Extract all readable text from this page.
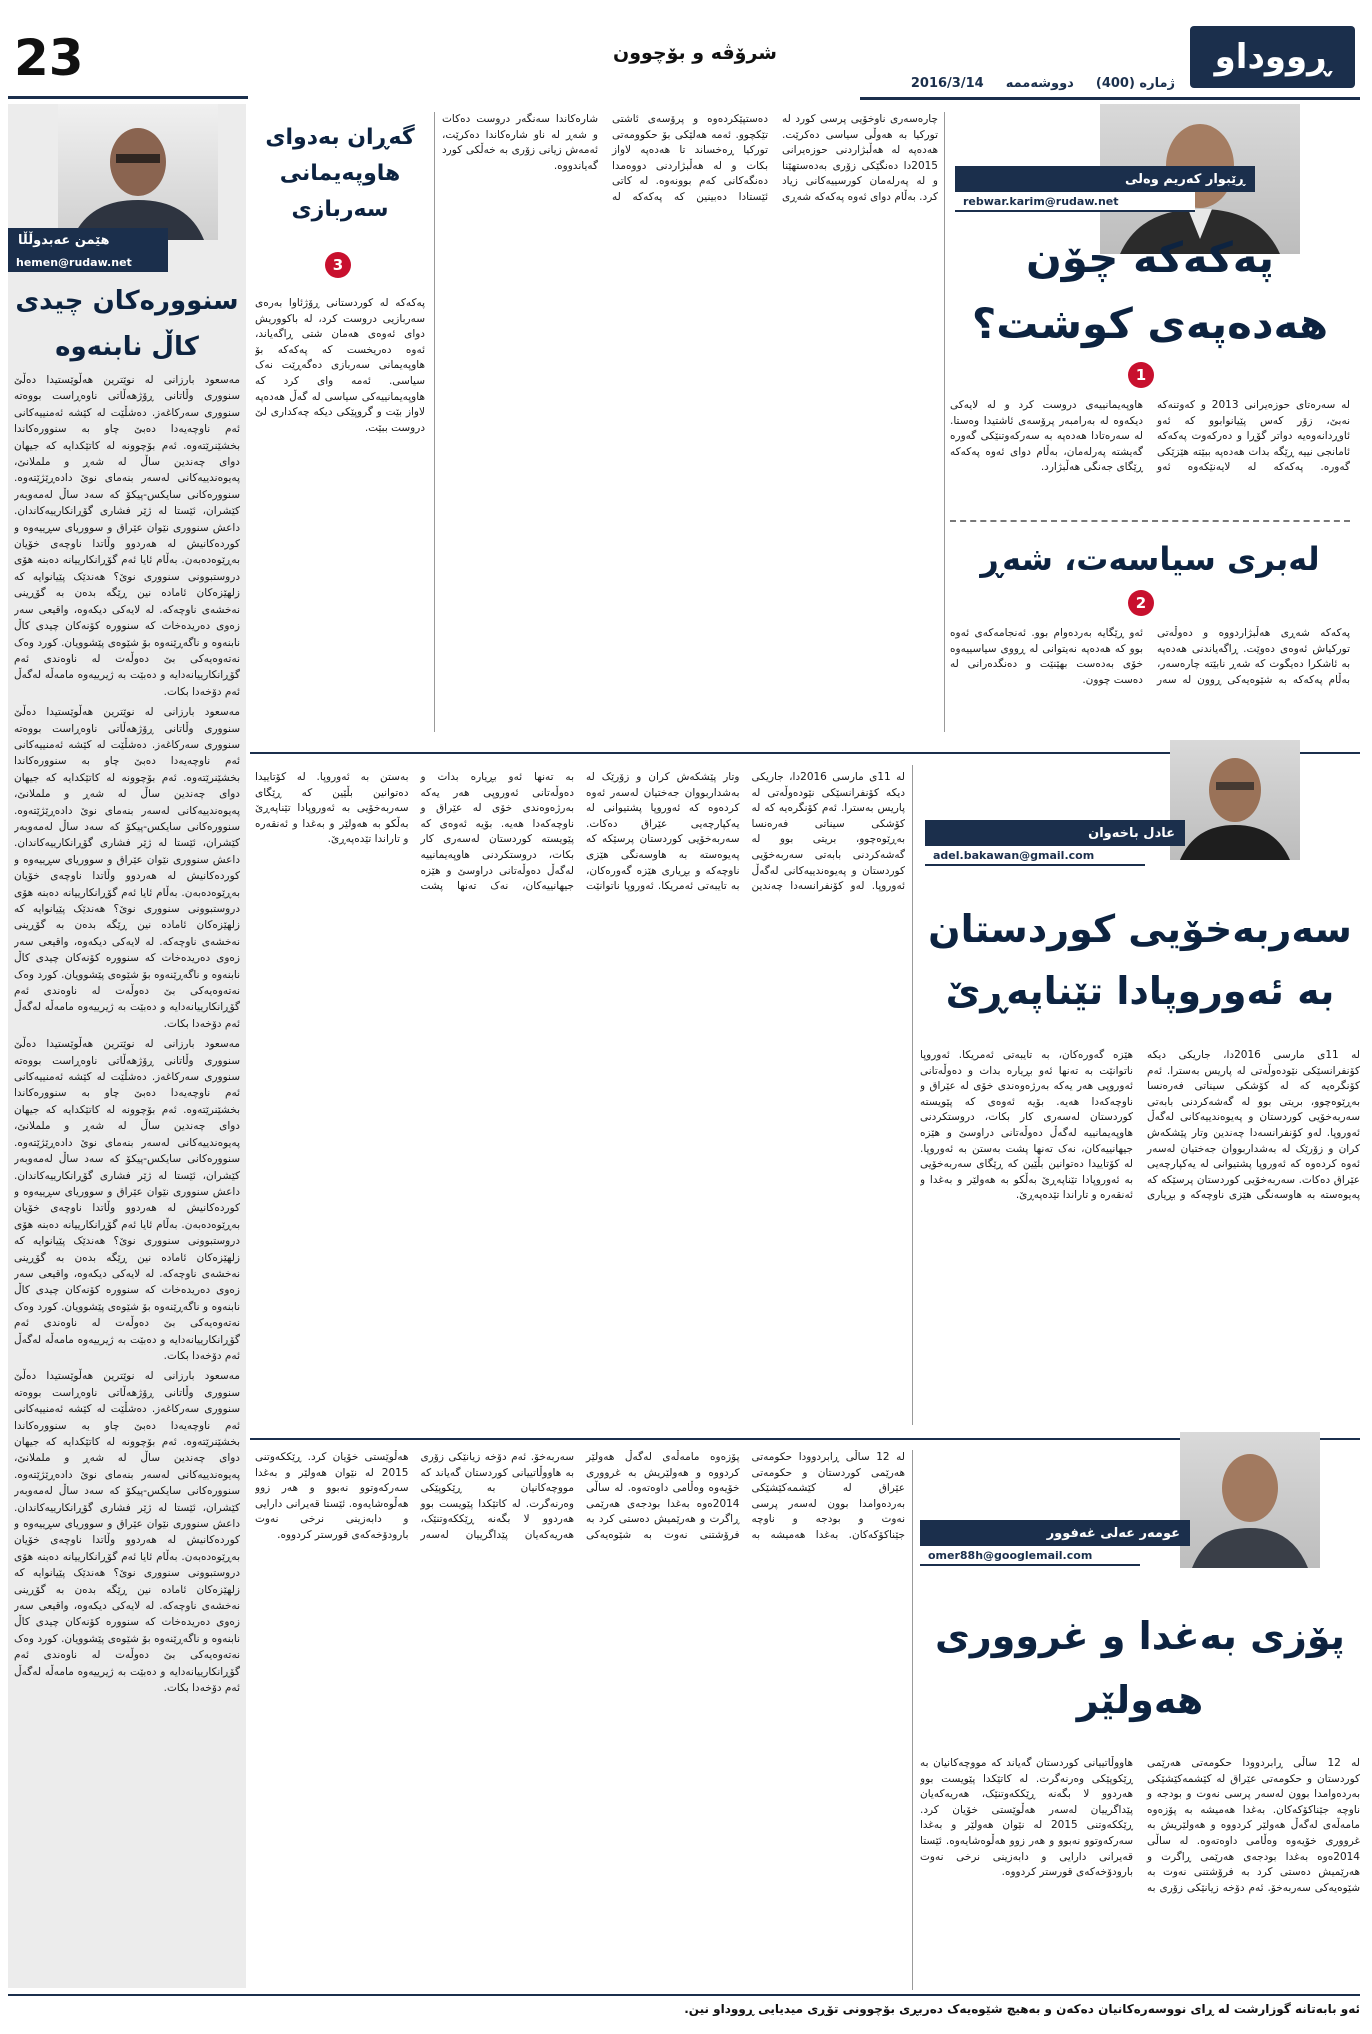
23	شرۆڤە و بۆچوون
ژمارە (400)
دووشەممە
2016/3/14
ڕووداو
ڕێبوار کەریم وەلی
rebwar.karim@rudaw.net
پەکەکە چۆن هەدەپەی کوشت؟
1

لە سەرەتای حوزەیرانی 2013 و کەوتنەکە نەبێ، زۆر کەس پێیانوابوو کە ئەو ئاوڕدانەوەیە دواتر گۆڕا و دەرکەوت پەکەکە ئامانجی نییە ڕێگە بدات هەدەپە ببێتە هێزێکی گەورە. پەکەکە لە لایەنێکەوە ئەو هاوپەیمانییەی دروست کرد و لە لایەکی دیکەوە لە بەرامبەر پرۆسەی ئاشتیدا وەستا. لە سەرەتادا هەدەپە بە سەرکەوتنێکی گەورە گەیشتە پەرلەمان، بەڵام دوای ئەوە پەکەکە ڕێگای جەنگی هەڵبژارد.

لەبری سیاسەت، شەڕ
2

پەکەکە شەڕی هەڵبژاردووە و دەوڵەتی تورکیاش ئەوەی دەوێت. ڕاگەیاندنی هەدەپە بە ئاشکرا دەیگوت کە شەڕ نابێتە چارەسەر، بەڵام پەکەکە بە شێوەیەکی ڕوون لە سەر ئەو ڕێگایە بەردەوام بوو. ئەنجامەکەی ئەوە بوو کە هەدەپە نەیتوانی لە ڕووی سیاسییەوە خۆی بەدەست بهێنێت و دەنگدەرانی لە دەست چوون.

چارەسەری ناوخۆیی پرسی کورد لە تورکیا بە هەوڵی سیاسی دەکرێت. هەدەپە لە هەڵبژاردنی حوزەیرانی 2015دا دەنگێکی زۆری بەدەستهێنا و لە پەرلەمان کورسییەکانی زیاد کرد. بەڵام دوای ئەوە پەکەکە شەڕی دەستپێکردەوە و پرۆسەی ئاشتی تێکچوو. ئەمە هەلێکی بۆ حکوومەتی تورکیا ڕەخساند تا هەدەپە لاواز بکات و لە هەڵبژاردنی دووەمدا دەنگەکانی کەم بوونەوە. لە کاتی ئێستادا دەبینین کە پەکەکە لە شارەکاندا سەنگەر دروست دەکات و شەڕ لە ناو شارەکاندا دەکرێت، ئەمەش زیانی زۆری بە خەڵکی کورد گەیاندووە.

گەڕان بەدوای هاوپەیمانی سەربازی
3

پەکەکە لە کوردستانی ڕۆژئاوا بەرەی سەربازیی دروست کرد، لە باکووریش دوای ئەوەی هەمان شتی ڕاگەیاند، ئەوە دەریخست کە پەکەکە بۆ هاوپەیمانی سەربازی دەگەڕێت نەک سیاسی. ئەمە وای کرد کە هاوپەیمانییەکی سیاسی لە گەڵ هەدەپە لاواز بێت و گروپێکی دیکە چەکداری لێ دروست ببێت.

عادل باخەوان
adel.bakawan@gmail.com
سەربەخۆیی کوردستان بە ئەوروپادا تێناپەڕێ

لە 11ی مارسی 2016دا، جاریکی دیکە کۆنفرانسێکی نێودەوڵەتی لە پاریس بەسترا. ئەم کۆنگرەیە کە لە کۆشکی سیناتی فەرەنسا بەڕێوەچوو، بریتی بوو لە گەشەکردنی بابەتی سەربەخۆیی کوردستان و پەیوەندییەکانی لەگەڵ ئەوروپا. لەو کۆنفرانسەدا چەندین وتار پێشکەش کران و زۆرێک لە بەشداربووان جەختیان لەسەر ئەوە کردەوە کە ئەوروپا پشتیوانی لە یەکپارچەیی عێراق دەکات. سەربەخۆیی کوردستان پرسێکە کە پەیوەستە بە هاوسەنگی هێزی ناوچەکە و بڕیاری هێزە گەورەکان، بە تایبەتی ئەمریکا. ئەوروپا ناتوانێت بە تەنها ئەو بڕیارە بدات و دەوڵەتانی ئەوروپی هەر یەکە بەرژەوەندی خۆی لە عێراق و ناوچەکەدا هەیە. بۆیە ئەوەی کە پێویستە کوردستان لەسەری کار بکات، دروستکردنی هاوپەیمانییە لەگەڵ دەوڵەتانی دراوسێ و هێزە جیهانییەکان، نەک تەنها پشت بەستن بە ئەوروپا. لە کۆتاییدا دەتوانین بڵێین کە ڕێگای سەربەخۆیی بە ئەوروپادا تێناپەڕێ بەڵکو بە هەولێر و بەغدا و ئەنقەرە و تاراندا تێدەپەڕێ.

لە 11ی مارسی 2016دا، جاریکی دیکە کۆنفرانسێکی نێودەوڵەتی لە پاریس بەسترا. ئەم کۆنگرەیە کە لە کۆشکی سیناتی فەرەنسا بەڕێوەچوو، بریتی بوو لە گەشەکردنی بابەتی سەربەخۆیی کوردستان و پەیوەندییەکانی لەگەڵ ئەوروپا. لەو کۆنفرانسەدا چەندین وتار پێشکەش کران و زۆرێک لە بەشداربووان جەختیان لەسەر ئەوە کردەوە کە ئەوروپا پشتیوانی لە یەکپارچەیی عێراق دەکات. سەربەخۆیی کوردستان پرسێکە کە پەیوەستە بە هاوسەنگی هێزی ناوچەکە و بڕیاری هێزە گەورەکان، بە تایبەتی ئەمریکا. ئەوروپا ناتوانێت بە تەنها ئەو بڕیارە بدات و دەوڵەتانی ئەوروپی هەر یەکە بەرژەوەندی خۆی لە عێراق و ناوچەکەدا هەیە. بۆیە ئەوەی کە پێویستە کوردستان لەسەری کار بکات، دروستکردنی هاوپەیمانییە لەگەڵ دەوڵەتانی دراوسێ و هێزە جیهانییەکان، نەک تەنها پشت بەستن بە ئەوروپا. لە کۆتاییدا دەتوانین بڵێین کە ڕێگای سەربەخۆیی بە ئەوروپادا تێناپەڕێ بەڵکو بە هەولێر و بەغدا و ئەنقەرە و تاراندا تێدەپەڕێ.

عومەر عەلی غەفوور
omer88h@googlemail.com
پۆزی بەغدا و غرووری هەولێر

لە 12 ساڵی ڕابردوودا حکومەتی هەرێمی کوردستان و حکومەتی عێراق لە کێشمەکێشێکی بەردەوامدا بوون لەسەر پرسی نەوت و بودجە و ناوچە جێناکۆکەکان. بەغدا هەمیشە بە پۆزەوە مامەڵەی لەگەڵ هەولێر کردووە و هەولێریش بە غرووری خۆیەوە وەڵامی داوەتەوە. لە ساڵی 2014ەوە بەغدا بودجەی هەرێمی ڕاگرت و هەرێمیش دەستی کرد بە فرۆشتنی نەوت بە شێوەیەکی سەربەخۆ. ئەم دۆخە زیانێکی زۆری بە هاووڵاتییانی کوردستان گەیاند کە مووچەکانیان بە ڕێکوپێکی وەرنەگرت. لە کاتێکدا پێویست بوو هەردوو لا بگەنە ڕێککەوتنێک، هەریەکەیان پێداگرییان لەسەر هەڵوێستی خۆیان کرد. ڕێککەوتنی 2015 لە نێوان هەولێر و بەغدا سەرکەوتوو نەبوو و هەر زوو هەڵوەشایەوە. ئێستا قەیرانی دارایی و دابەزینی نرخی نەوت بارودۆخەکەی قورستر کردووە.

لە 12 ساڵی ڕابردوودا حکومەتی هەرێمی کوردستان و حکومەتی عێراق لە کێشمەکێشێکی بەردەوامدا بوون لەسەر پرسی نەوت و بودجە و ناوچە جێناکۆکەکان. بەغدا هەمیشە بە پۆزەوە مامەڵەی لەگەڵ هەولێر کردووە و هەولێریش بە غرووری خۆیەوە وەڵامی داوەتەوە. لە ساڵی 2014ەوە بەغدا بودجەی هەرێمی ڕاگرت و هەرێمیش دەستی کرد بە فرۆشتنی نەوت بە شێوەیەکی سەربەخۆ. ئەم دۆخە زیانێکی زۆری بە هاووڵاتییانی کوردستان گەیاند کە مووچەکانیان بە ڕێکوپێکی وەرنەگرت. لە کاتێکدا پێویست بوو هەردوو لا بگەنە ڕێککەوتنێک، هەریەکەیان پێداگرییان لەسەر هەڵوێستی خۆیان کرد. ڕێککەوتنی 2015 لە نێوان هەولێر و بەغدا سەرکەوتوو نەبوو و هەر زوو هەڵوەشایەوە. ئێستا قەیرانی دارایی و دابەزینی نرخی نەوت بارودۆخەکەی قورستر کردووە.

هێمن عەبدوڵڵا
hemen@rudaw.net
سنوورەکان چیدی کاڵ نابنەوە

مەسعود بارزانی لە نوێترین هەڵوێستیدا دەڵێ سنووری وڵاتانی ڕۆژهەڵاتی ناوەڕاست بووەتە سنووری سەرکاغەز. دەشڵێت لە کێشە ئەمنییەکانی ئەم ناوچەیەدا دەبێ چاو بە سنوورەکاندا بخشێنرێتەوە. ئەم بۆچوونە لە کاتێکدایە کە جیهان دوای چەندین ساڵ لە شەڕ و ململانێ، پەیوەندییەکانی لەسەر بنەمای نوێ دادەڕێژێتەوە. سنوورەکانی سایکس-پیکۆ کە سەد ساڵ لەمەوبەر کێشران، ئێستا لە ژێر فشاری گۆڕانکارییەکاندان. داعش سنووری نێوان عێراق و سووریای سڕییەوە و کوردەکانیش لە هەردوو وڵاتدا ناوچەی خۆیان بەڕێوەدەبەن. بەڵام ئایا ئەم گۆڕانکارییانە دەبنە هۆی دروستبوونی سنووری نوێ؟ هەندێک پێیانوایە کە زلهێزەکان ئامادە نین ڕێگە بدەن بە گۆڕینی نەخشەی ناوچەکە. لە لایەکی دیکەوە، واقیعی سەر زەوی دەریدەخات کە سنوورە کۆنەکان چیدی کاڵ نابنەوە و ناگەڕێنەوە بۆ شێوەی پێشوویان. کورد وەک نەتەوەیەکی بێ دەوڵەت لە ناوەندی ئەم گۆڕانکارییانەدایە و دەبێت بە ژیرییەوە مامەڵە لەگەڵ ئەم دۆخەدا بکات.

مەسعود بارزانی لە نوێترین هەڵوێستیدا دەڵێ سنووری وڵاتانی ڕۆژهەڵاتی ناوەڕاست بووەتە سنووری سەرکاغەز. دەشڵێت لە کێشە ئەمنییەکانی ئەم ناوچەیەدا دەبێ چاو بە سنوورەکاندا بخشێنرێتەوە. ئەم بۆچوونە لە کاتێکدایە کە جیهان دوای چەندین ساڵ لە شەڕ و ململانێ، پەیوەندییەکانی لەسەر بنەمای نوێ دادەڕێژێتەوە. سنوورەکانی سایکس-پیکۆ کە سەد ساڵ لەمەوبەر کێشران، ئێستا لە ژێر فشاری گۆڕانکارییەکاندان. داعش سنووری نێوان عێراق و سووریای سڕییەوە و کوردەکانیش لە هەردوو وڵاتدا ناوچەی خۆیان بەڕێوەدەبەن. بەڵام ئایا ئەم گۆڕانکارییانە دەبنە هۆی دروستبوونی سنووری نوێ؟ هەندێک پێیانوایە کە زلهێزەکان ئامادە نین ڕێگە بدەن بە گۆڕینی نەخشەی ناوچەکە. لە لایەکی دیکەوە، واقیعی سەر زەوی دەریدەخات کە سنوورە کۆنەکان چیدی کاڵ نابنەوە و ناگەڕێنەوە بۆ شێوەی پێشوویان. کورد وەک نەتەوەیەکی بێ دەوڵەت لە ناوەندی ئەم گۆڕانکارییانەدایە و دەبێت بە ژیرییەوە مامەڵە لەگەڵ ئەم دۆخەدا بکات.

مەسعود بارزانی لە نوێترین هەڵوێستیدا دەڵێ سنووری وڵاتانی ڕۆژهەڵاتی ناوەڕاست بووەتە سنووری سەرکاغەز. دەشڵێت لە کێشە ئەمنییەکانی ئەم ناوچەیەدا دەبێ چاو بە سنوورەکاندا بخشێنرێتەوە. ئەم بۆچوونە لە کاتێکدایە کە جیهان دوای چەندین ساڵ لە شەڕ و ململانێ، پەیوەندییەکانی لەسەر بنەمای نوێ دادەڕێژێتەوە. سنوورەکانی سایکس-پیکۆ کە سەد ساڵ لەمەوبەر کێشران، ئێستا لە ژێر فشاری گۆڕانکارییەکاندان. داعش سنووری نێوان عێراق و سووریای سڕییەوە و کوردەکانیش لە هەردوو وڵاتدا ناوچەی خۆیان بەڕێوەدەبەن. بەڵام ئایا ئەم گۆڕانکارییانە دەبنە هۆی دروستبوونی سنووری نوێ؟ هەندێک پێیانوایە کە زلهێزەکان ئامادە نین ڕێگە بدەن بە گۆڕینی نەخشەی ناوچەکە. لە لایەکی دیکەوە، واقیعی سەر زەوی دەریدەخات کە سنوورە کۆنەکان چیدی کاڵ نابنەوە و ناگەڕێنەوە بۆ شێوەی پێشوویان. کورد وەک نەتەوەیەکی بێ دەوڵەت لە ناوەندی ئەم گۆڕانکارییانەدایە و دەبێت بە ژیرییەوە مامەڵە لەگەڵ ئەم دۆخەدا بکات.

مەسعود بارزانی لە نوێترین هەڵوێستیدا دەڵێ سنووری وڵاتانی ڕۆژهەڵاتی ناوەڕاست بووەتە سنووری سەرکاغەز. دەشڵێت لە کێشە ئەمنییەکانی ئەم ناوچەیەدا دەبێ چاو بە سنوورەکاندا بخشێنرێتەوە. ئەم بۆچوونە لە کاتێکدایە کە جیهان دوای چەندین ساڵ لە شەڕ و ململانێ، پەیوەندییەکانی لەسەر بنەمای نوێ دادەڕێژێتەوە. سنوورەکانی سایکس-پیکۆ کە سەد ساڵ لەمەوبەر کێشران، ئێستا لە ژێر فشاری گۆڕانکارییەکاندان. داعش سنووری نێوان عێراق و سووریای سڕییەوە و کوردەکانیش لە هەردوو وڵاتدا ناوچەی خۆیان بەڕێوەدەبەن. بەڵام ئایا ئەم گۆڕانکارییانە دەبنە هۆی دروستبوونی سنووری نوێ؟ هەندێک پێیانوایە کە زلهێزەکان ئامادە نین ڕێگە بدەن بە گۆڕینی نەخشەی ناوچەکە. لە لایەکی دیکەوە، واقیعی سەر زەوی دەریدەخات کە سنوورە کۆنەکان چیدی کاڵ نابنەوە و ناگەڕێنەوە بۆ شێوەی پێشوویان. کورد وەک نەتەوەیەکی بێ دەوڵەت لە ناوەندی ئەم گۆڕانکارییانەدایە و دەبێت بە ژیرییەوە مامەڵە لەگەڵ ئەم دۆخەدا بکات.

ئەو بابەتانە گوزارشت لە ڕای نووسەرەکانیان دەکەن و بەهیچ شێوەیەک دەربڕی بۆچوونی تۆڕی میدیایی ڕووداو نین.
